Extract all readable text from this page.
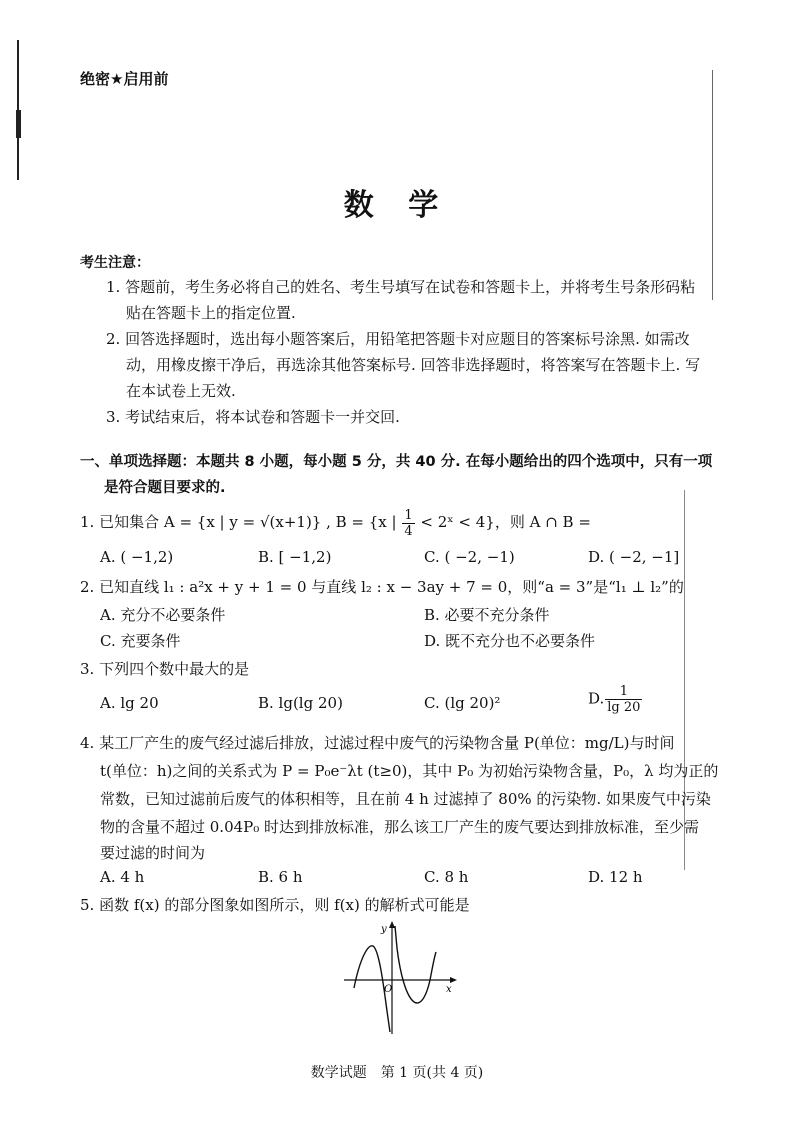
绝密★启用前
数 学
考生注意：
1. 答题前，考生务必将自己的姓名、考生号填写在试卷和答题卡上，并将考生号条形码粘
贴在答题卡上的指定位置.
2. 回答选择题时，选出每小题答案后，用铅笔把答题卡对应题目的答案标号涂黑. 如需改
动，用橡皮擦干净后，再选涂其他答案标号. 回答非选择题时，将答案写在答题卡上. 写
在本试卷上无效.
3. 考试结束后，将本试卷和答题卡一并交回.
一、单项选择题：本题共 8 小题，每小题 5 分，共 40 分. 在每小题给出的四个选项中，只有一项
是符合题目要求的.
1. 已知集合 A = {x | y = √(x+1)} , B = {x | $\frac{1}{4}$ < 2ˣ < 4}，则 A ∩ B =
A. ( −1,2)	B. [ −1,2)	C. ( −2, −1)	D. ( −2, −1]
2. 已知直线 l₁ : a²x + y + 1 = 0 与直线 l₂ : x − 3ay + 7 = 0，则“a = 3”是“l₁ ⊥ l₂”的
A. 充分不必要条件	B. 必要不充分条件
C. 充要条件	D. 既不充分也不必要条件
3. 下列四个数中最大的是
A. lg 20	B. lg(lg 20)	C. (lg 20)²	D. $\frac{1}{\lg 20}$
4. 某工厂产生的废气经过滤后排放，过滤过程中废气的污染物含量 P(单位：mg/L)与时间
t(单位：h)之间的关系式为 P = P₀e⁻λt (t≥0)，其中 P₀ 为初始污染物含量，P₀，λ 均为正的
常数，已知过滤前后废气的体积相等，且在前 4 h 过滤掉了 80% 的污染物. 如果废气中污染
物的含量不超过 0.04P₀ 时达到排放标准，那么该工厂产生的废气要达到排放标准，至少需
要过滤的时间为
A. 4 h	B. 6 h	C. 8 h	D. 12 h
5. 函数 f(x) 的部分图象如图所示，则 f(x) 的解析式可能是
y
x
O
数学试题　第 1 页(共 4 页)
